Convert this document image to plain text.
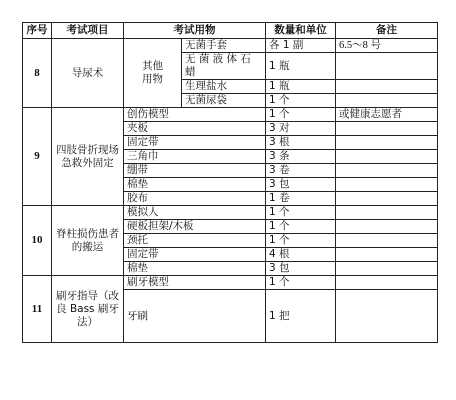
序号	考试项目	考试用物		数量和单位	备注
8	导尿术	其他用物	无菌手套	各 1 副	6.5～8 号
			无 菌 液 体 石 蜡	1 瓶	
			生理盐水	1 瓶	
			无菌尿袋	1 个	
9	四肢骨折现场急救外固定	创伤模型		1 个	或健康志愿者
		夹板		3 对	
		固定带		3 根	
		三角巾		3 条	
		绷带		3 卷	
		棉垫		3 包	
		胶布		1 卷	
10	脊柱损伤患者的搬运	模拟人		1 个	
		硬板担架/木板		1 个	
		颈托		1 个	
		固定带		4 根	
		棉垫		3 包	
11	刷牙指导（改良 Bass 刷牙法）	刷牙模型		1 个	
		牙刷		1 把	
